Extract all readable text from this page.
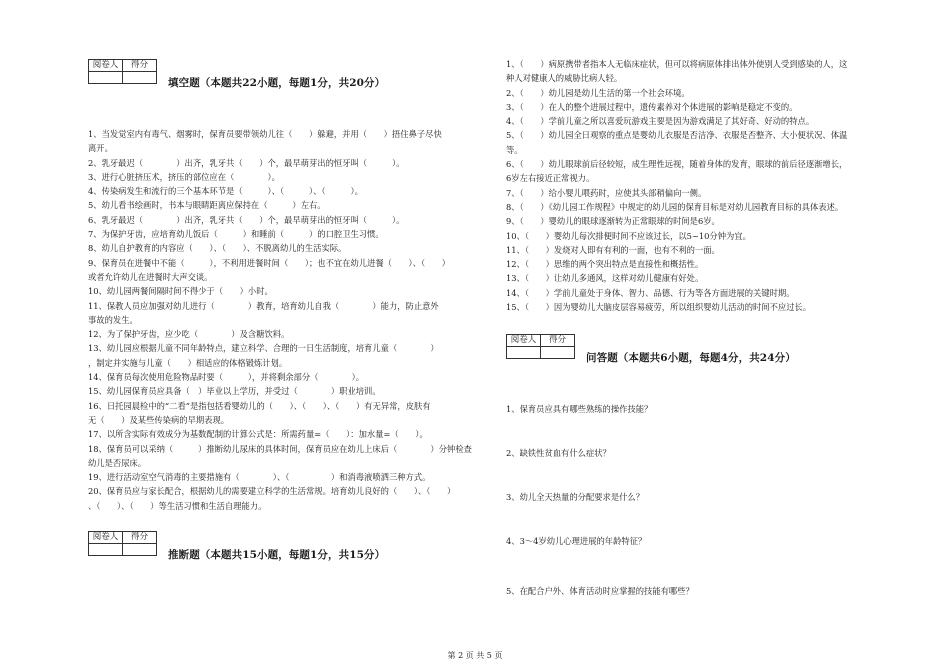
阅卷人	得分

填空题（本题共22小题，每题1分，共20分）
1、当发觉室内有毒气、烟雾时，保育员要带领幼儿往（　　）躲避，并用（　　）捂住鼻子尽快
离开。
2、乳牙最迟（　　　　）出齐，乳牙共（　　）个，最早萌芽出的恒牙叫（　　　）。
3、进行心脏挤压术，挤压的部位应在（　　　　）。
4、传染病发生和流行的三个基本环节是（　　　）、（　　　）、（　　　）。
5、幼儿看书绘画时，书本与眼睛距离应保持在（　　　）左右。
6、乳牙最迟（　　　　）出齐，乳牙共（　　）个，最早萌芽出的恒牙叫（　　　）。
7、为保护牙齿，应培育幼儿饭后（　　　）和睡前（　　　）的口腔卫生习惯。
8、幼儿自护教育的内容应（　　）、（　　）、不脱离幼儿的生活实际。
9、保育员在进餐中不能（　　　），不利用进餐时间（　　）；也不宜在幼儿进餐（　　）、（　　）
或者允许幼儿在进餐时大声交谈。
10、幼儿园两餐间隔时间不得少于（　　）小时。
11、保教人员应加强对幼儿进行（　　　　）教育，培育幼儿自我（　　　　）能力，防止意外
事故的发生。
12、为了保护牙齿，应少吃（　　　　）及含糖饮料。
13、幼儿园应根据儿童不同年龄特点，建立科学、合理的一日生活制度，培育儿童（　　　　）
，制定并实施与儿童（　　）相适应的体格锻炼计划。
14、保育员每次使用危险物品时要（　　　），并将剩余部分（　　　　）。
15、幼儿园保育员应具备（　）毕业以上学历，并受过（　　　　）职业培训。
16、日托园晨检中的“二看”是指包括看婴幼儿的（　　）、（　　）、（　　）有无异常，皮肤有
无（　　）及某些传染病的早期表现。
17、以所含实际有效成分为基数配制的计算公式是：所需药量=（　　）：加水量=（　　）。
18、保育员可以采纳（　　　）推断幼儿尿床的具体时间，保育员应在幼儿上床后（　　　　）分钟检查
幼儿是否尿床。
19、进行活动室空气消毒的主要措施有（　　　　）、（　　　　　）和消毒液喷洒三种方式。
20、保育员应与家长配合，根据幼儿的需要建立科学的生活常规。培育幼儿良好的（　　）、（　　）
、（　　）、（　　）等生活习惯和生活自理能力。
阅卷人	得分

推断题（本题共15小题，每题1分，共15分）
1、（　　）病原携带者指本人无临床症状，但可以将病原体排出体外使别人受到感染的人，这
种人对健康人的威胁比病人轻。
2、（　　）幼儿园是幼儿生活的第一个社会环境。
3、（　　）在人的整个进展过程中，遗传素养对个体进展的影响是稳定不变的。
4、（　　）学前儿童之所以喜爱玩游戏主要是因为游戏满足了其好奇、好动的特点。
5、（　　）幼儿园全日观察的重点是婴幼儿衣服是否洁净、衣服是否整齐、大小便状况、体温
等。
6、（　　）幼儿眼球前后径较短，成生理性远视，随着身体的发育，眼球的前后径逐渐增长，
6岁左右接近正常视力。
7、（　　）给小婴儿喂药时，应使其头部稍偏向一侧。
8、（　　）《幼儿园工作规程》中规定的幼儿园的保育目标是对幼儿园教育目标的具体表述。
9、（　　）婴幼儿的眼球逐渐转为正常眼球的时间是6岁。
10、（　　）婴幼儿每次排便时间不应该过长，以5~10分钟为宜。
11、（　　）发烧对人即有有利的一面，也有不利的一面。
12、（　　）思维的两个突出特点是直接性和概括性。
13、（　　）让幼儿多通风，这样对幼儿健康有好处。
14、（　　）学前儿童处于身体、智力、品德、行为等各方面进展的关键时期。
15、（　　）因为婴幼儿大脑皮层容易疲劳，所以组织婴幼儿活动的时间不应过长。
阅卷人	得分

问答题（本题共6小题，每题4分，共24分）
1、保育员应具有哪些熟练的操作技能？
2、缺铁性贫血有什么症状？
3、幼儿全天热量的分配要求是什么？
4、3～4岁幼儿心理进展的年龄特征？
5、在配合户外、体育活动时应掌握的技能有哪些？
第 2 页 共 5 页
